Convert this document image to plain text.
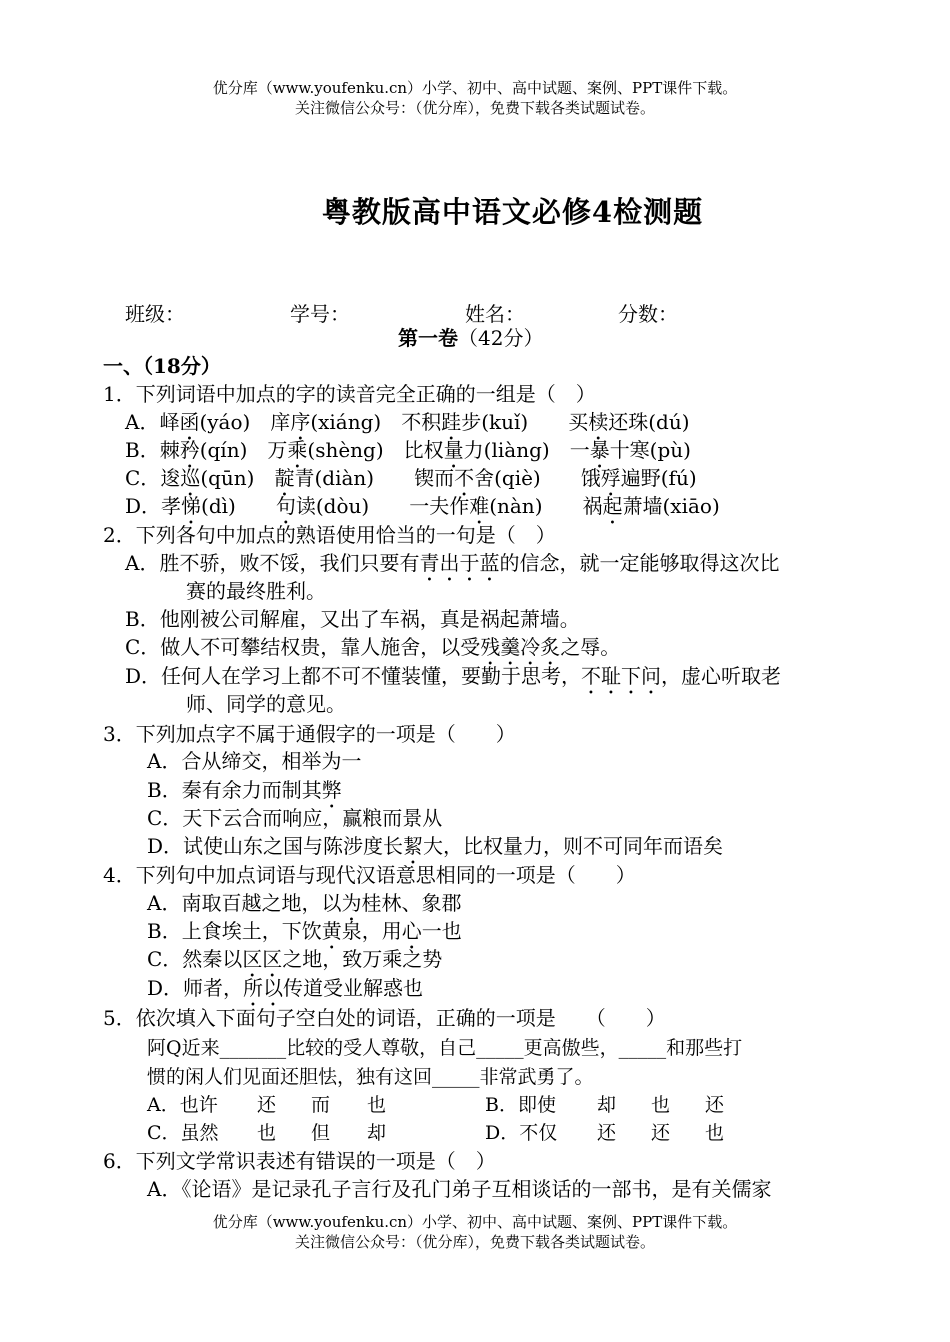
优分库（www.youfenku.cn）小学、初中、高中试题、案例、PPT课件下载。
关注微信公众号：（优分库），免费下载各类试题试卷。
粤教版高中语文必修4检测题
班级：	学号：	姓名：	分数：
第一卷（42分）
一、（18分）
1．下列词语中加点的字的读音完全正确的一组是（　）
A．峄函(yáo)　庠序(xiáng)　不积跬步(kuǐ)　　买椟还珠(dú)
B．棘矜(qín)　万乘(shèng)　比权量力(liàng)　一暴十寒(pù)
C．逡巡(qūn)　靛青(diàn)　　锲而不舍(qiè)　　饿殍遍野(fú)
D．孝悌(dì)　　句读(dòu)　　一夫作难(nàn)　　祸起萧墙(xiāo)
2．下列各句中加点的熟语使用恰当的一句是（　）
A．胜不骄，败不馁，我们只要有青出于蓝的信念，就一定能够取得这次比
赛的最终胜利。
B．他刚被公司解雇，又出了车祸，真是祸起萧墙。
C．做人不可攀结权贵，靠人施舍，以受残羹冷炙之辱。
D．任何人在学习上都不可不懂装懂，要勤于思考，不耻下问，虚心听取老
师、同学的意见。
3．下列加点字不属于通假字的一项是（　　）
A．合从缔交，相举为一
B．秦有余力而制其弊
C．天下云合而响应，赢粮而景从
D．试使山东之国与陈涉度长絜大，比权量力，则不可同年而语矣
4．下列句中加点词语与现代汉语意思相同的一项是（　　）
A．南取百越之地，以为桂林、象郡
B．上食埃土，下饮黄泉，用心一也
C．然秦以区区之地，致万乘之势
D．师者，所以传道受业解惑也
5．依次填入下面句子空白处的词语，正确的一项是　　（　　）
阿Q近来_______比较的受人尊敬，自己_____更高傲些，_____和那些打
惯的闲人们见面还胆怯，独有这回_____非常武勇了。
A．也许 还 而 也	B．即使 却 也 还
C．虽然 也 但 却	D．不仅 还 还 也
6．下列文学常识表述有错误的一项是（　）
A．《论语》是记录孔子言行及孔门弟子互相谈话的一部书，是有关儒家
优分库（www.youfenku.cn）小学、初中、高中试题、案例、PPT课件下载。
关注微信公众号：（优分库），免费下载各类试题试卷。
